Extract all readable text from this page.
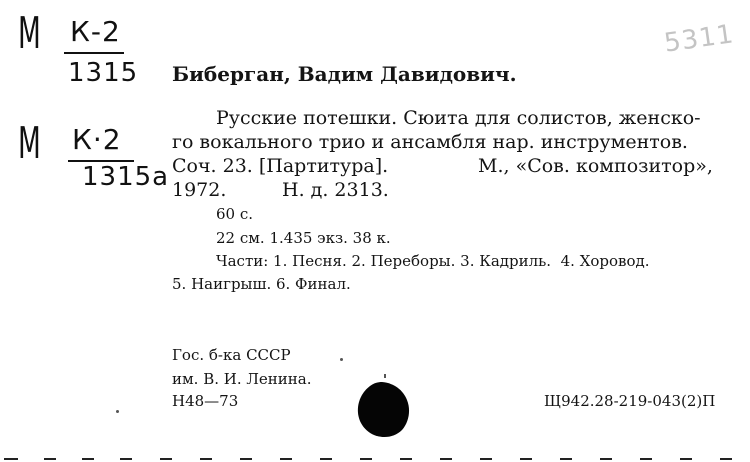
М К-2
1315
М К·2
1315а
5311
Биберган, Вадим Давидович.
Русские потешки. Сюита для солистов, женско-
го вокального трио и ансамбля нар. инструментов.
Соч. 23. [Партитура].	М., «Сов. композитор»,
1972.	Н. д. 2313.
60 с.
22 см. 1.435 экз. 38 к.
Части: 1. Песня. 2. Переборы. 3. Кадриль.  4. Хоровод.
5. Наигрыш. 6. Финал.
Гос. б-ка СССР
им. В. И. Ленина.
Н48—73	Щ942.28-219-043(2)П
